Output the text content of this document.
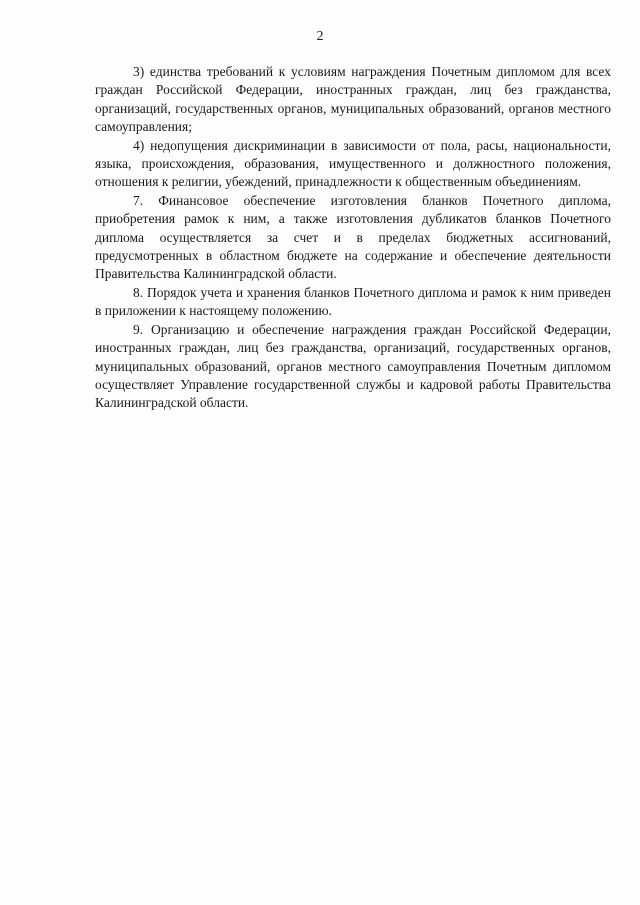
2

3) единства требований к условиям награждения Почетным дипломом для всех граждан Российской Федерации, иностранных граждан, лиц без гражданства, организаций, государственных органов, муниципальных образований, органов местного самоуправления;

4) недопущения дискриминации в зависимости от пола, расы, национальности, языка, происхождения, образования, имущественного и должностного положения, отношения к религии, убеждений, принадлежности к общественным объединениям.

7. Финансовое обеспечение изготовления бланков Почетного диплома, приобретения рамок к ним, а также изготовления дубликатов бланков Почетного диплома осуществляется за счет и в пределах бюджетных ассигнований, предусмотренных в областном бюджете на содержание и обеспечение деятельности Правительства Калининградской области.

8. Порядок учета и хранения бланков Почетного диплома и рамок к ним приведен в приложении к настоящему положению.

9. Организацию и обеспечение награждения граждан Российской Федерации, иностранных граждан, лиц без гражданства, организаций, государственных органов, муниципальных образований, органов местного самоуправления Почетным дипломом осуществляет Управление государственной службы и кадровой работы Правительства Калининградской области.
